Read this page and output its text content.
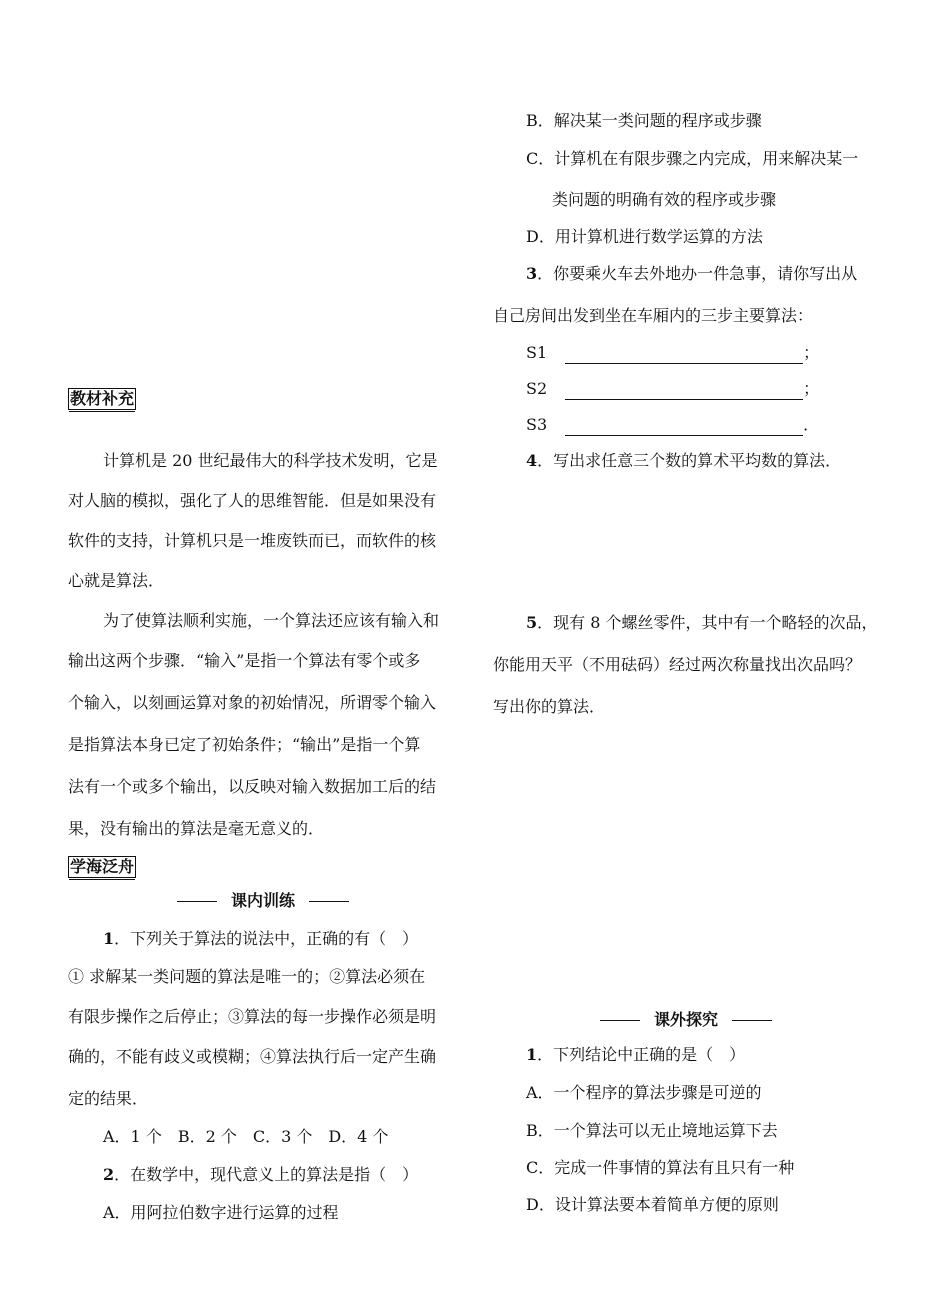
教材补充
计算机是 20 世纪最伟大的科学技术发明，它是
对人脑的模拟，强化了人的思维智能．但是如果没有
软件的支持，计算机只是一堆废铁而已，而软件的核
心就是算法．
为了使算法顺利实施，一个算法还应该有输入和
输出这两个步骤．“输入”是指一个算法有零个或多
个输入，以刻画运算对象的初始情况，所谓零个输入
是指算法本身已定了初始条件；“输出”是指一个算
法有一个或多个输出，以反映对输入数据加工后的结
果，没有输出的算法是毫无意义的．
学海泛舟
课内训练
1．下列关于算法的说法中，正确的有（　）
① 求解某一类问题的算法是唯一的；②算法必须在
有限步操作之后停止；③算法的每一步操作必须是明
确的，不能有歧义或模糊；④算法执行后一定产生确
定的结果．
A．1 个　B．2 个　C．3 个　D．4 个
2．在数学中，现代意义上的算法是指（　）
A．用阿拉伯数字进行运算的过程
B．解决某一类问题的程序或步骤
C．计算机在有限步骤之内完成，用来解决某一
类问题的明确有效的程序或步骤
D．用计算机进行数学运算的方法
3．你要乘火车去外地办一件急事，请你写出从
自己房间出发到坐在车厢内的三步主要算法：
S1	；
S2	；
S3	．
4．写出求任意三个数的算术平均数的算法．
5．现有 8 个螺丝零件，其中有一个略轻的次品，
你能用天平（不用砝码）经过两次称量找出次品吗？
写出你的算法．
课外探究
1．下列结论中正确的是（　）
A．一个程序的算法步骤是可逆的
B．一个算法可以无止境地运算下去
C．完成一件事情的算法有且只有一种
D．设计算法要本着简单方便的原则
